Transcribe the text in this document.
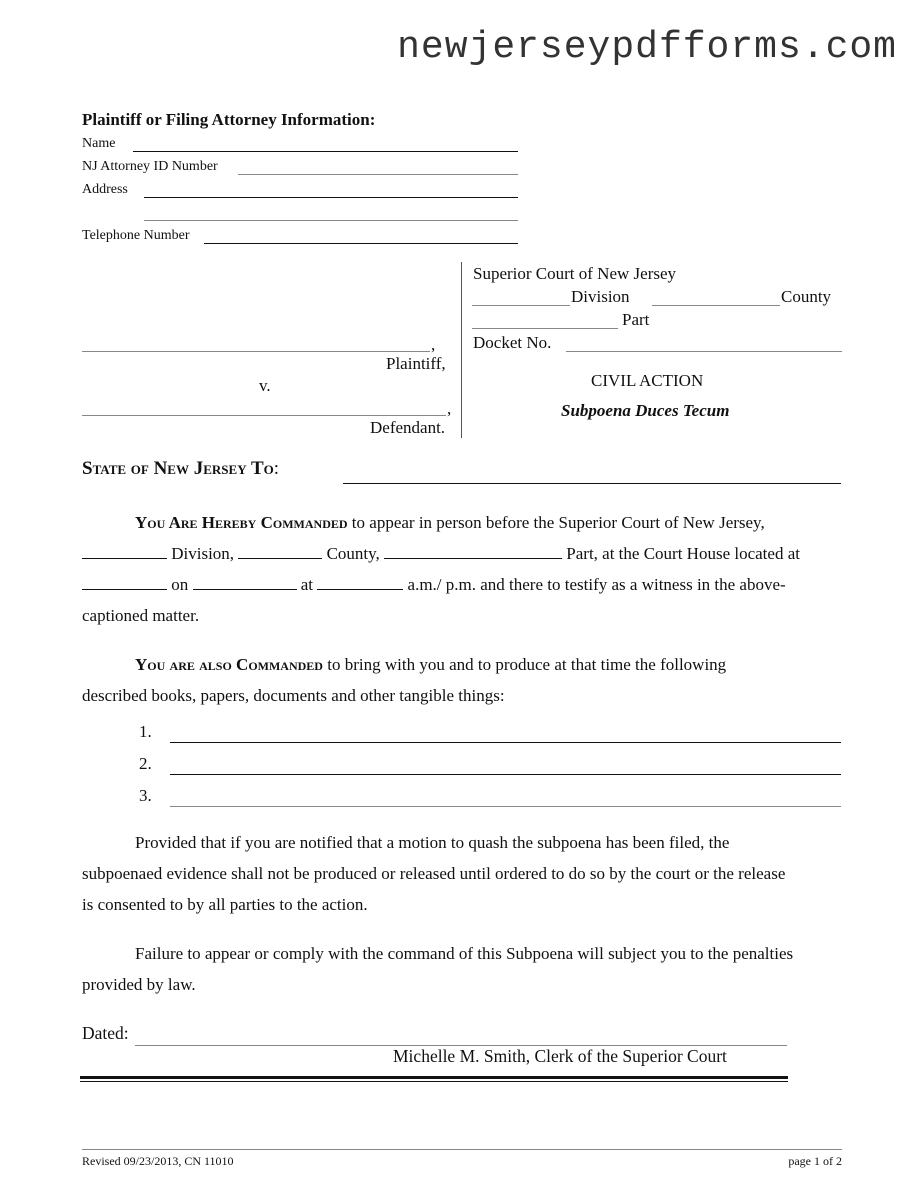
newjerseypdfforms.com
Plaintiff or Filing Attorney Information:
Name
NJ Attorney ID Number
Address
Telephone Number
,
Plaintiff,
v.
,
Defendant.
Superior Court of New Jersey
Division	County
Part
Docket No.
CIVIL ACTION
Subpoena Duces Tecum
State of New Jersey To:
You Are Hereby Commanded to appear in person before the Superior Court of New Jersey,
Division,	County,	Part, at the Court House located at
on	at	a.m./ p.m. and there to testify as a witness in the above-
captioned matter.
You are also Commanded to bring with you and to produce at that time the following
described books, papers, documents and other tangible things:
1.
2.
3.
Provided that if you are notified that a motion to quash the subpoena has been filed, the
subpoenaed evidence shall not be produced or released until ordered to do so by the court or the release
is consented to by all parties to the action.
Failure to appear or comply with the command of this Subpoena will subject you to the penalties
provided by law.
Dated:
Michelle M. Smith, Clerk of the Superior Court
Revised 09/23/2013, CN 11010	page 1 of 2
